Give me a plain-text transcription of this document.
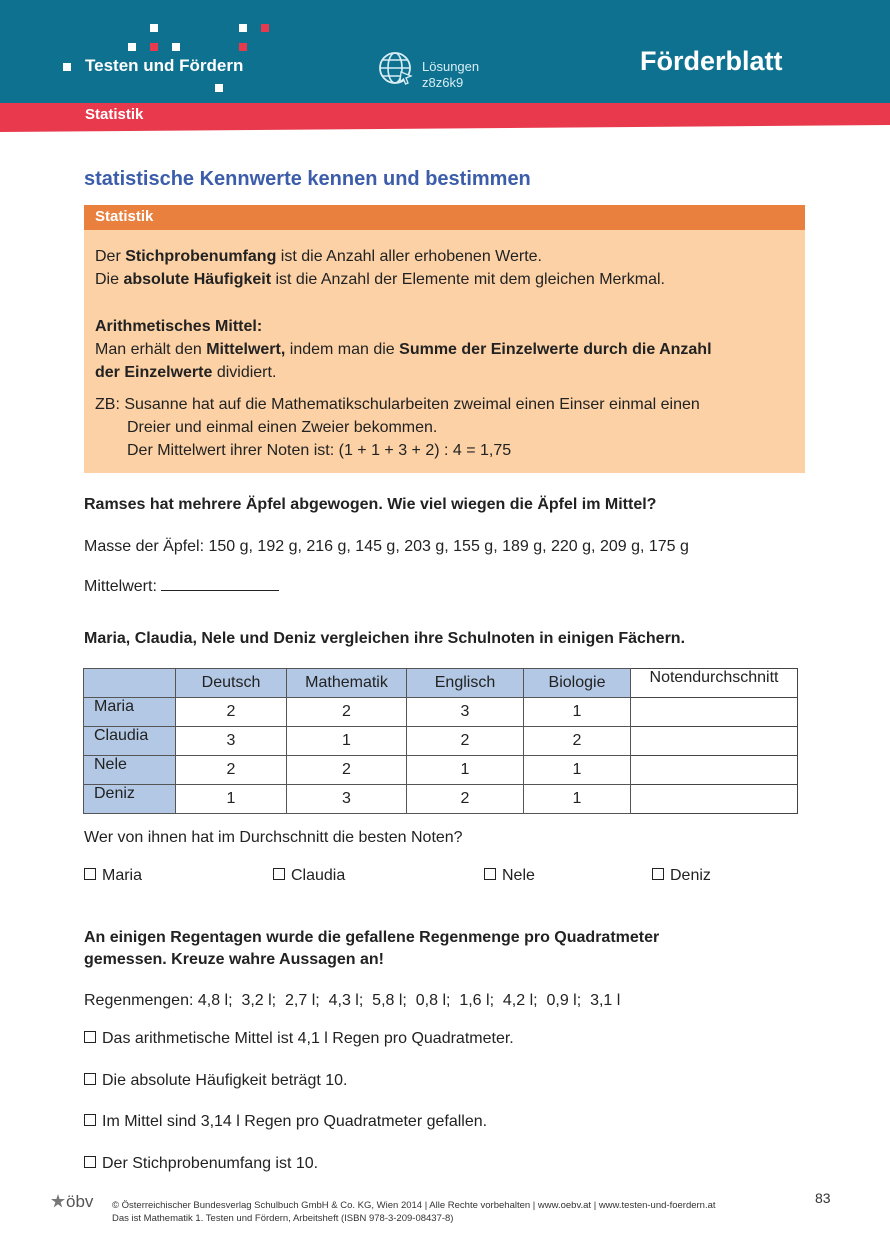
Testen und Fördern	Lösungen
z8z6k9
Förderblatt
Statistik
statistische Kennwerte kennen und bestimmen
Statistik
Der Stichprobenumfang ist die Anzahl aller erhobenen Werte.
Die absolute Häufigkeit ist die Anzahl der Elemente mit dem gleichen Merkmal.
Arithmetisches Mittel:
Man erhält den Mittelwert, indem man die Summe der Einzelwerte durch die Anzahl
der Einzelwerte dividiert.
ZB: Susanne hat auf die Mathematikschularbeiten zweimal einen Einser einmal einen
Dreier und einmal einen Zweier bekommen.
Der Mittelwert ihrer Noten ist: (1 + 1 + 3 + 2) : 4 = 1,75
Ramses hat mehrere Äpfel abgewogen. Wie viel wiegen die Äpfel im Mittel?
Masse der Äpfel: 150 g, 192 g, 216 g, 145 g, 203 g, 155 g, 189 g, 220 g, 209 g, 175 g
Mittelwert:
Maria, Claudia, Nele und Deniz vergleichen ihre Schulnoten in einigen Fächern.
	Deutsch	Mathematik	Englisch	Biologie	Notendurchschnitt
Maria	2	2	3	1	
Claudia	3	1	2	2	
Nele	2	2	1	1	
Deniz	1	3	2	1	
Wer von ihnen hat im Durchschnitt die besten Noten?
Maria	Claudia	Nele	Deniz
An einigen Regentagen wurde die gefallene Regenmenge pro Quadratmeter
gemessen. Kreuze wahre Aussagen an!
Regenmengen: 4,8 l;  3,2 l;  2,7 l;  4,3 l;  5,8 l;  0,8 l;  1,6 l;  4,2 l;  0,9 l;  3,1 l
Das arithmetische Mittel ist 4,1 l Regen pro Quadratmeter.
Die absolute Häufigkeit beträgt 10.
Im Mittel sind 3,14 l Regen pro Quadratmeter gefallen.
Der Stichprobenumfang ist 10.
öbv © Österreichischer Bundesverlag Schulbuch GmbH & Co. KG, Wien 2014 | Alle Rechte vorbehalten | www.oebv.at | www.testen-und-foerdern.at
Das ist Mathematik 1. Testen und Fördern, Arbeitsheft (ISBN 978-3-209-08437-8)
83
